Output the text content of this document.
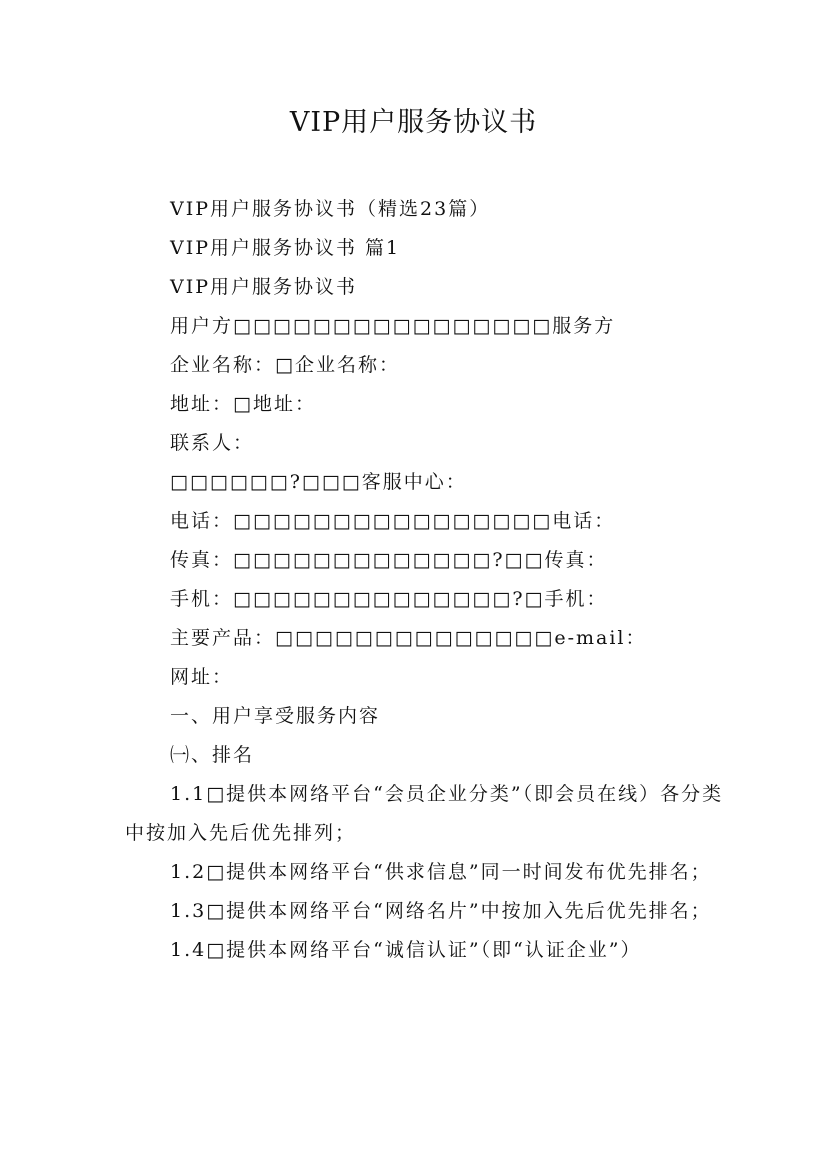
VIP用户服务协议书

VIP用户服务协议书（精选23篇）

VIP用户服务协议书 篇1

VIP用户服务协议书

用户方□□□□□□□□□□□□□□□□服务方

企业名称：□企业名称：

地址：□地址：

联系人：

□□□□□□?□□□客服中心：

电话：□□□□□□□□□□□□□□□□电话：

传真：□□□□□□□□□□□□□?□□传真：

手机：□□□□□□□□□□□□□□?□手机：

主要产品：□□□□□□□□□□□□□□e-mail：

网址：

一、用户享受服务内容

㈠、排名

1.1□提供本网络平台“会员企业分类”（即会员在线）各分类中按加入先后优先排列；

1.2□提供本网络平台“供求信息”同一时间发布优先排名；

1.3□提供本网络平台“网络名片”中按加入先后优先排名；

1.4□提供本网络平台“诚信认证”（即“认证企业”）
